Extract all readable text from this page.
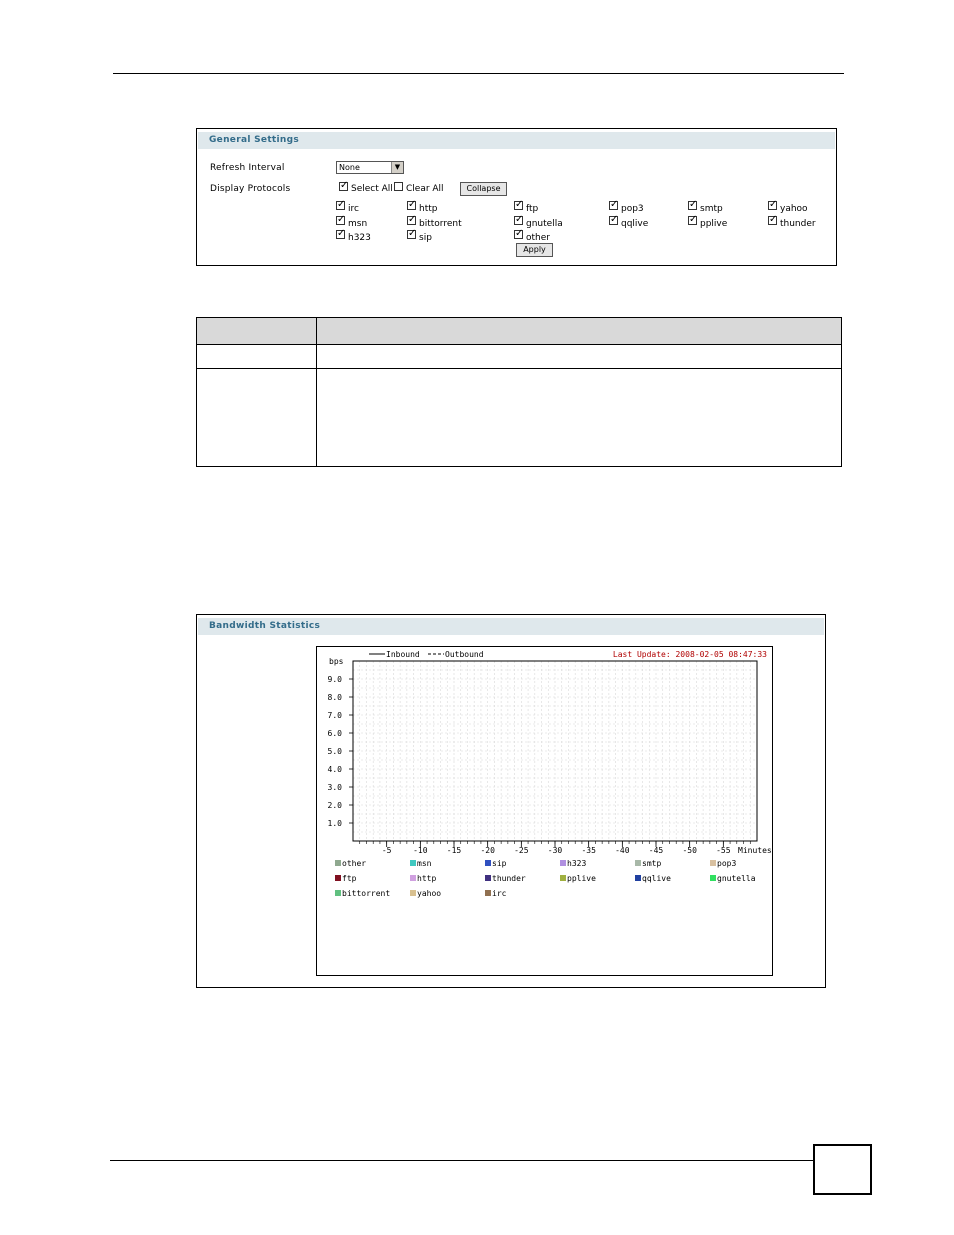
General Settings
Refresh Interval	None	▼
Display Protocols ✓	Select All Clear All	Collapse
✓
irc ✓	http ✓	ftp ✓	pop3 ✓	smtp ✓	yahoo
✓
msn ✓	bittorrent ✓	gnutella ✓	qqlive ✓	pplive ✓	thunder
✓
h323 ✓	sip ✓	other
Apply

Bandwidth Statistics
Inbound	Outbound	Last Update: 2008-02-05 08:47:33
bps
Minutes
9.0
8.0
7.0
6.0
5.0
4.0
3.0
2.0
1.0
-5	-10 -15 -20 -25 -30 -35 -40 -45 -50 -55
other	msn	sip	h323	smtp	pop3
ftp	http	thunder	pplive	qqlive	gnutella
bittorrent	yahoo	irc
